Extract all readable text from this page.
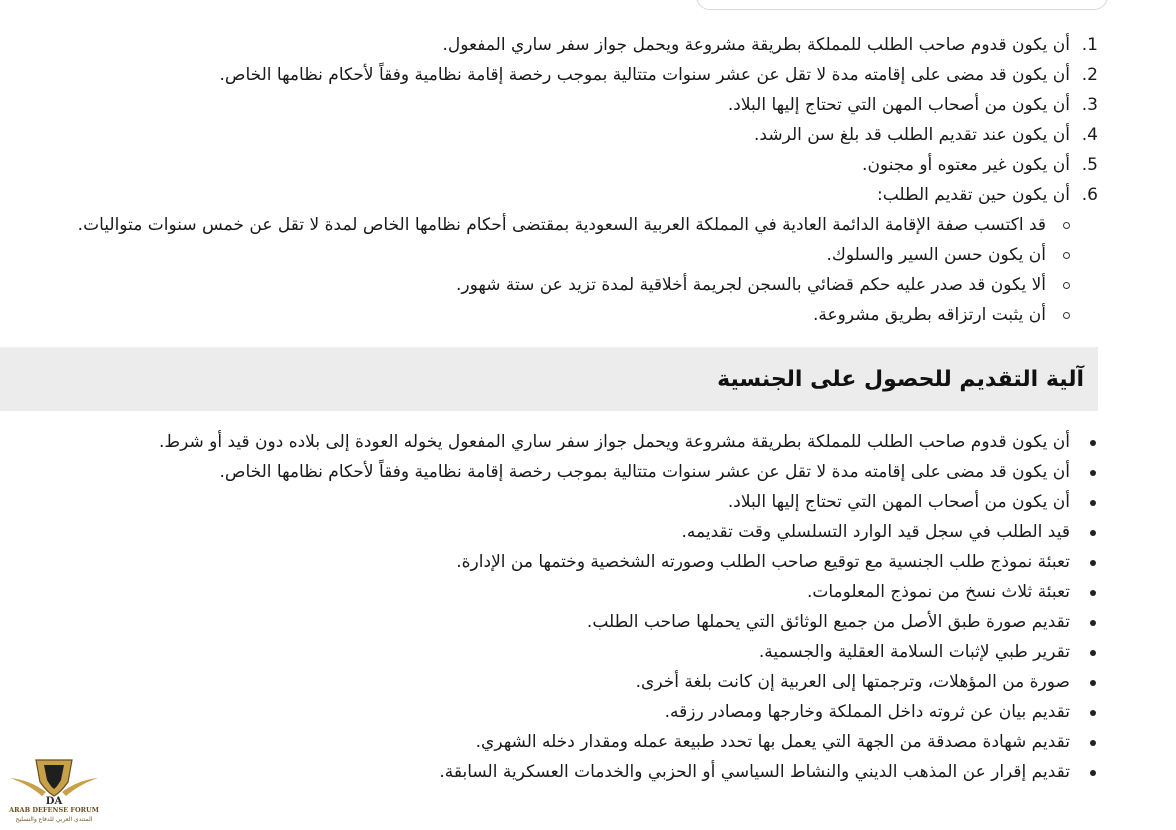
1.
أن يكون قدوم صاحب الطلب للمملكة بطريقة مشروعة ويحمل جواز سفر ساري المفعول.
2.
أن يكون قد مضى على إقامته مدة لا تقل عن عشر سنوات متتالية بموجب رخصة إقامة نظامية وفقاً لأحكام نظامها الخاص.
3.
أن يكون من أصحاب المهن التي تحتاج إليها البلاد.
4.
أن يكون عند تقديم الطلب قد بلغ سن الرشد.
5.
أن يكون غير معتوه أو مجنون.
6.
أن يكون حين تقديم الطلب:
قد اكتسب صفة الإقامة الدائمة العادية في المملكة العربية السعودية بمقتضى أحكام نظامها الخاص لمدة لا تقل عن خمس سنوات متواليات.
أن يكون حسن السير والسلوك.
ألا يكون قد صدر عليه حكم قضائي بالسجن لجريمة أخلاقية لمدة تزيد عن ستة شهور.
أن يثبت ارتزاقه بطريق مشروعة.
آلية التقديم للحصول على الجنسية
أن يكون قدوم صاحب الطلب للمملكة بطريقة مشروعة ويحمل جواز سفر ساري المفعول يخوله العودة إلى بلاده دون قيد أو شرط.
أن يكون قد مضى على إقامته مدة لا تقل عن عشر سنوات متتالية بموجب رخصة إقامة نظامية وفقاً لأحكام نظامها الخاص.
أن يكون من أصحاب المهن التي تحتاج إليها البلاد.
قيد الطلب في سجل قيد الوارد التسلسلي وقت تقديمه.
تعبئة نموذج طلب الجنسية مع توقيع صاحب الطلب وصورته الشخصية وختمها من الإدارة.
تعبئة ثلاث نسخ من نموذج المعلومات.
تقديم صورة طبق الأصل من جميع الوثائق التي يحملها صاحب الطلب.
تقرير طبي لإثبات السلامة العقلية والجسمية.
صورة من المؤهلات، وترجمتها إلى العربية إن كانت بلغة أخرى.
تقديم بيان عن ثروته داخل المملكة وخارجها ومصادر رزقه.
تقديم شهادة مصدقة من الجهة التي يعمل بها تحدد طبيعة عمله ومقدار دخله الشهري.
تقديم إقرار عن المذهب الديني والنشاط السياسي أو الحزبي والخدمات العسكرية السابقة.
DA
ARAB DEFENSE FORUM
المنتدى العربي للدفاع والتسليح
